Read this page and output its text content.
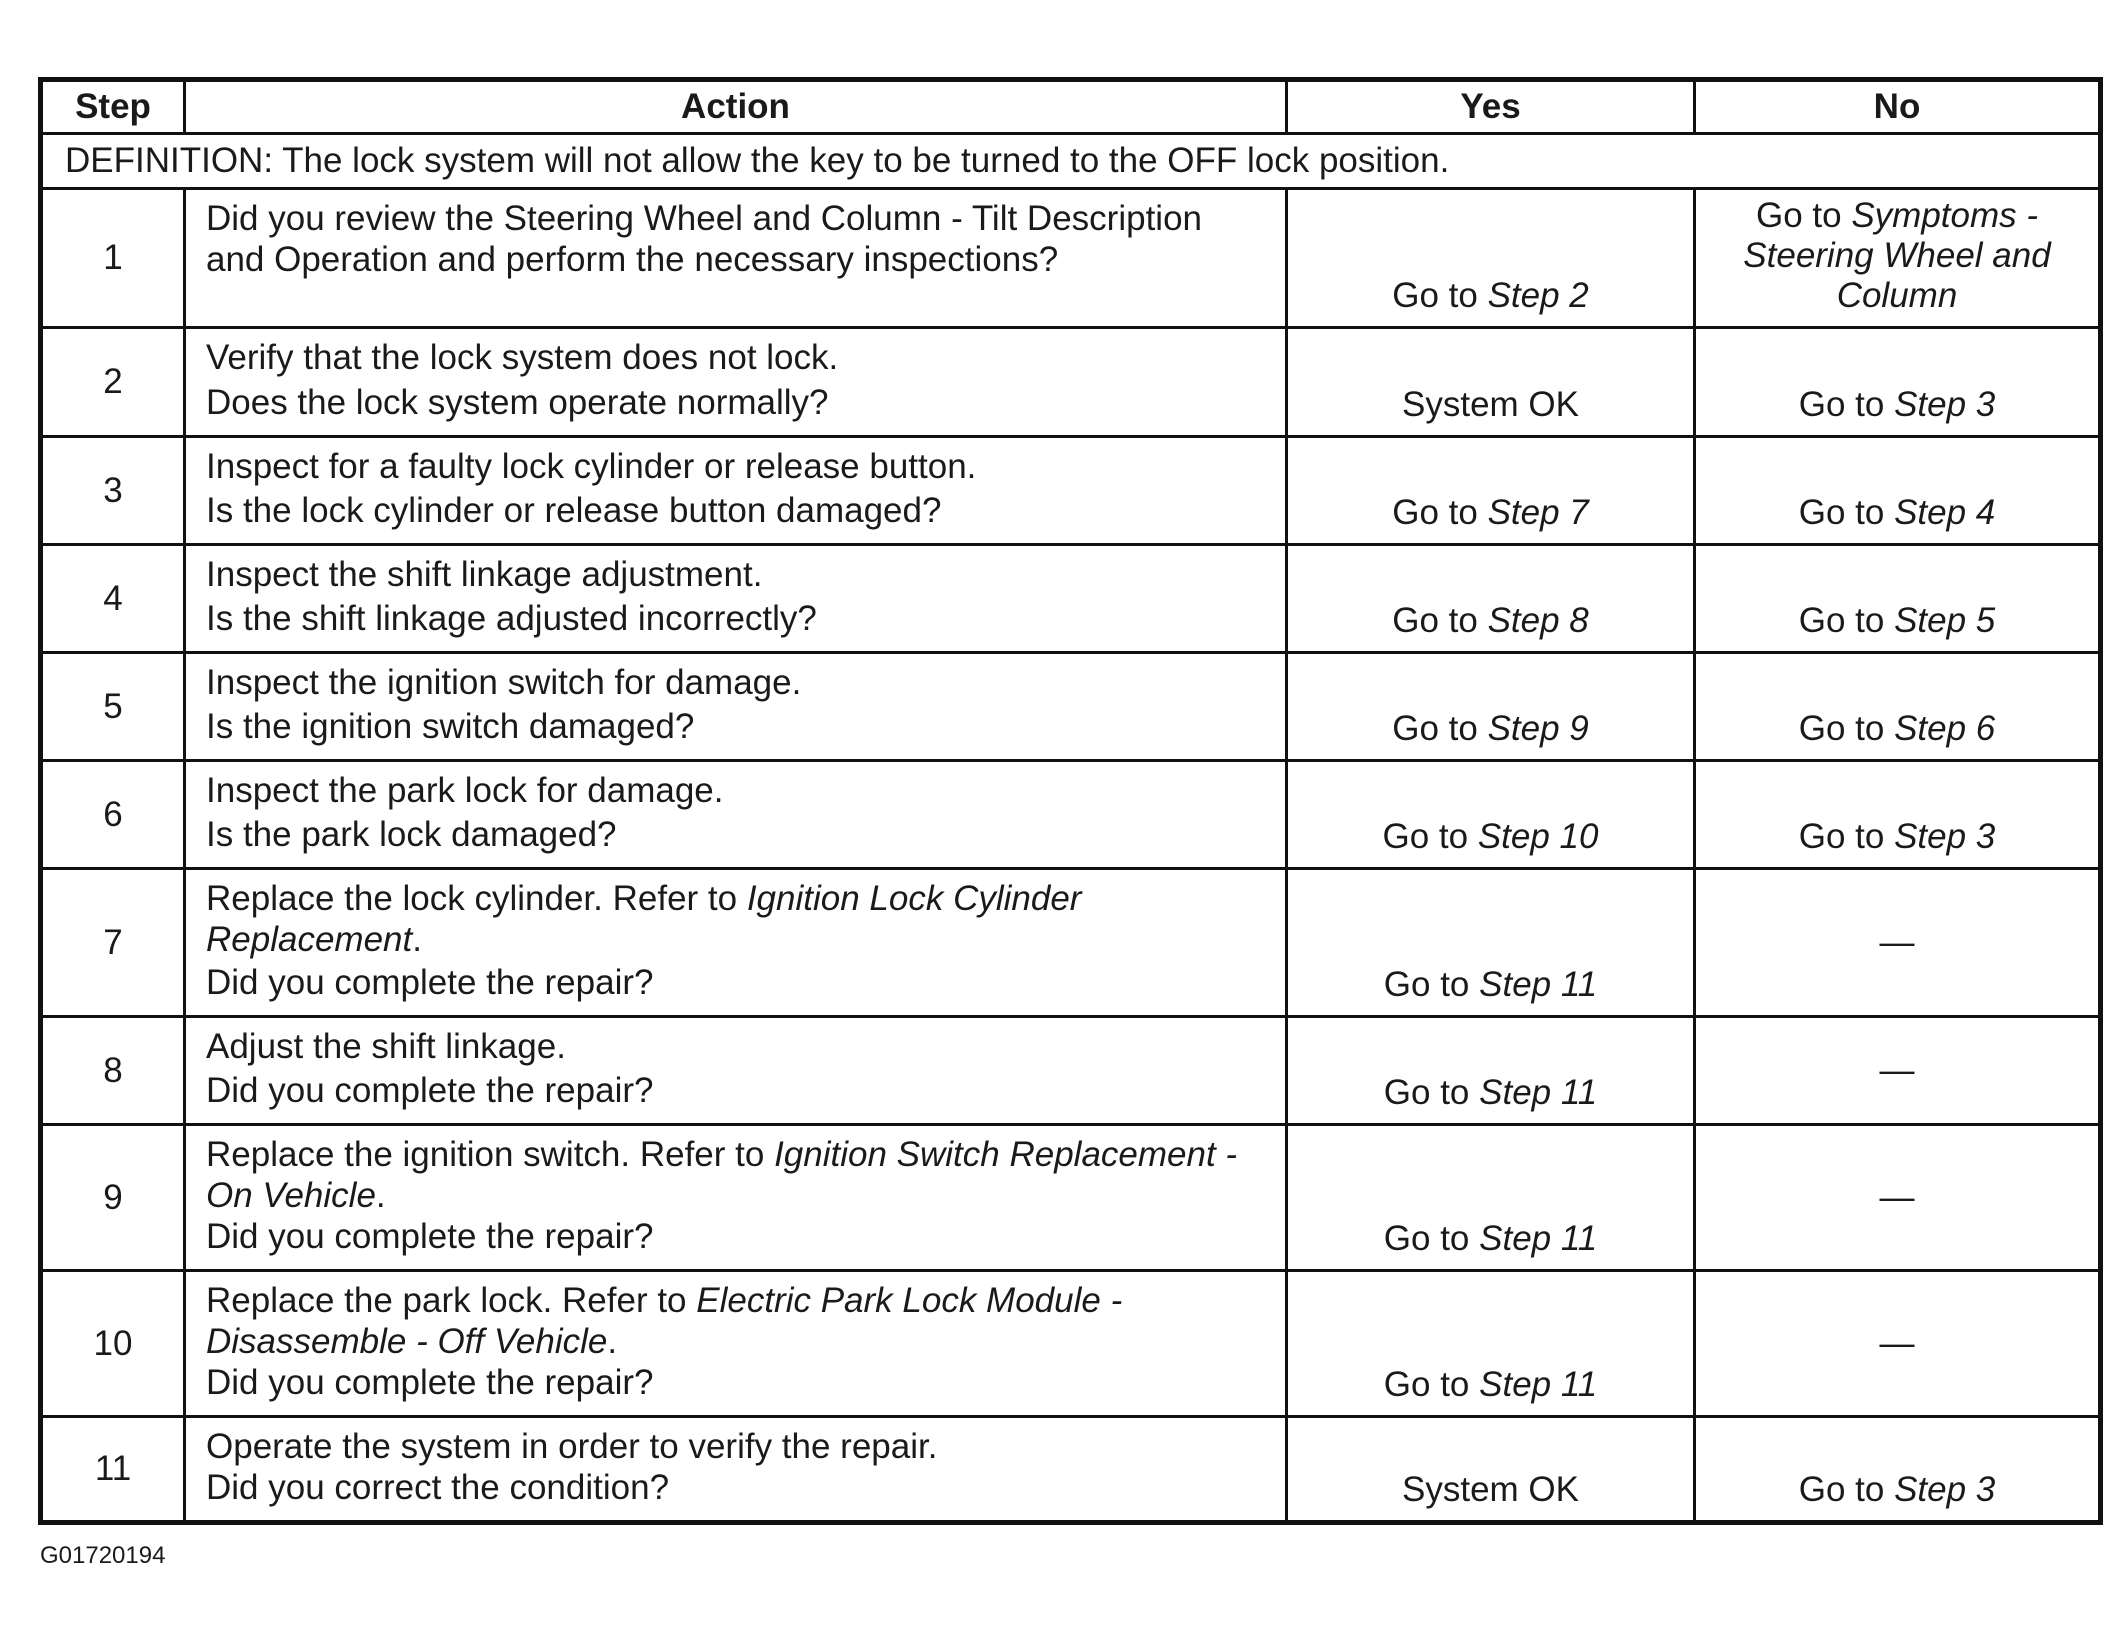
Step	Action	Yes	No
DEFINITION: The lock system will not allow the key to be turned to the OFF lock position.			
1	Did you review the Steering Wheel and Column - Tilt Description and Operation and perform the necessary inspections?	Go to Step 2	Go to Symptoms - Steering Wheel and Column
2	Verify that the lock system does not lock.
Does the lock system operate normally?	System OK	Go to Step 3
3	Inspect for a faulty lock cylinder or release button.
Is the lock cylinder or release button damaged?	Go to Step 7	Go to Step 4
4	Inspect the shift linkage adjustment.
Is the shift linkage adjusted incorrectly?	Go to Step 8	Go to Step 5
5	Inspect the ignition switch for damage.
Is the ignition switch damaged?	Go to Step 9	Go to Step 6
6	Inspect the park lock for damage.
Is the park lock damaged?	Go to Step 10	Go to Step 3
7	Replace the lock cylinder. Refer to Ignition Lock Cylinder Replacement.
Did you complete the repair?	Go to Step 11	—
8	Adjust the shift linkage.
Did you complete the repair?	Go to Step 11	—
9	Replace the ignition switch. Refer to Ignition Switch Replacement - On Vehicle.
Did you complete the repair?	Go to Step 11	—
10	Replace the park lock. Refer to Electric Park Lock Module - Disassemble - Off Vehicle.
Did you complete the repair?	Go to Step 11	—
11	Operate the system in order to verify the repair.
Did you correct the condition?	System OK	Go to Step 3
G01720194
